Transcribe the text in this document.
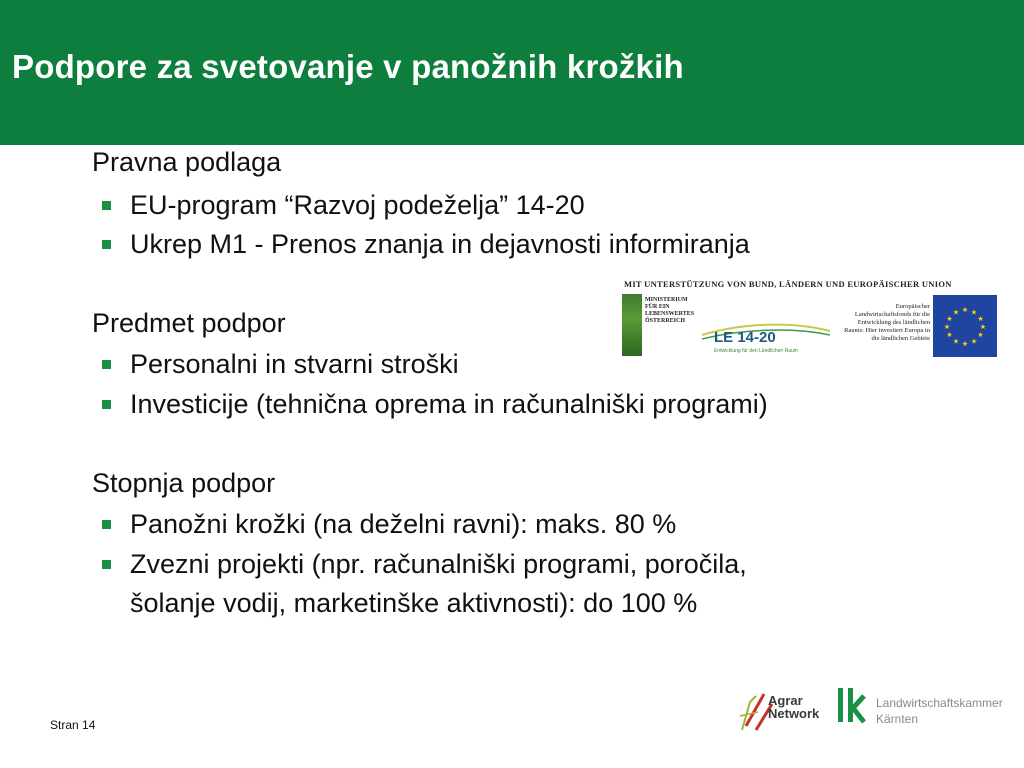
Podpore za svetovanje v panožnih krožkih
Pravna podlaga
EU-program “Razvoj podeželja” 14-20
Ukrep M1 - Prenos znanja in dejavnosti informiranja
Predmet podpor
Personalni in stvarni stroški
Investicije (tehnična oprema in računalniški programi)
Stopnja podpor
Panožni krožki (na deželni ravni): maks. 80 %
Zvezni projekti (npr. računalniški programi, poročila,
šolanje vodij, marketinške aktivnosti): do 100 %
MIT UNTERSTÜTZUNG VON BUND, LÄNDERN UND EUROPÄISCHER UNION
MINISTERIUM FÜR EIN LEBENSWERTES ÖSTERREICH
LE 14-20
Entwicklung für den Ländlichen Raum
Europäischer Landwirtschaftsfonds für die Entwicklung des ländlichen Raums: Hier investiert Europa in die ländlichen Gebiete
★ ★
★
★
★
★
★
★
★
★
★
★
Stran 14
Agrar Network
Landwirtschaftskammer
Kärnten
